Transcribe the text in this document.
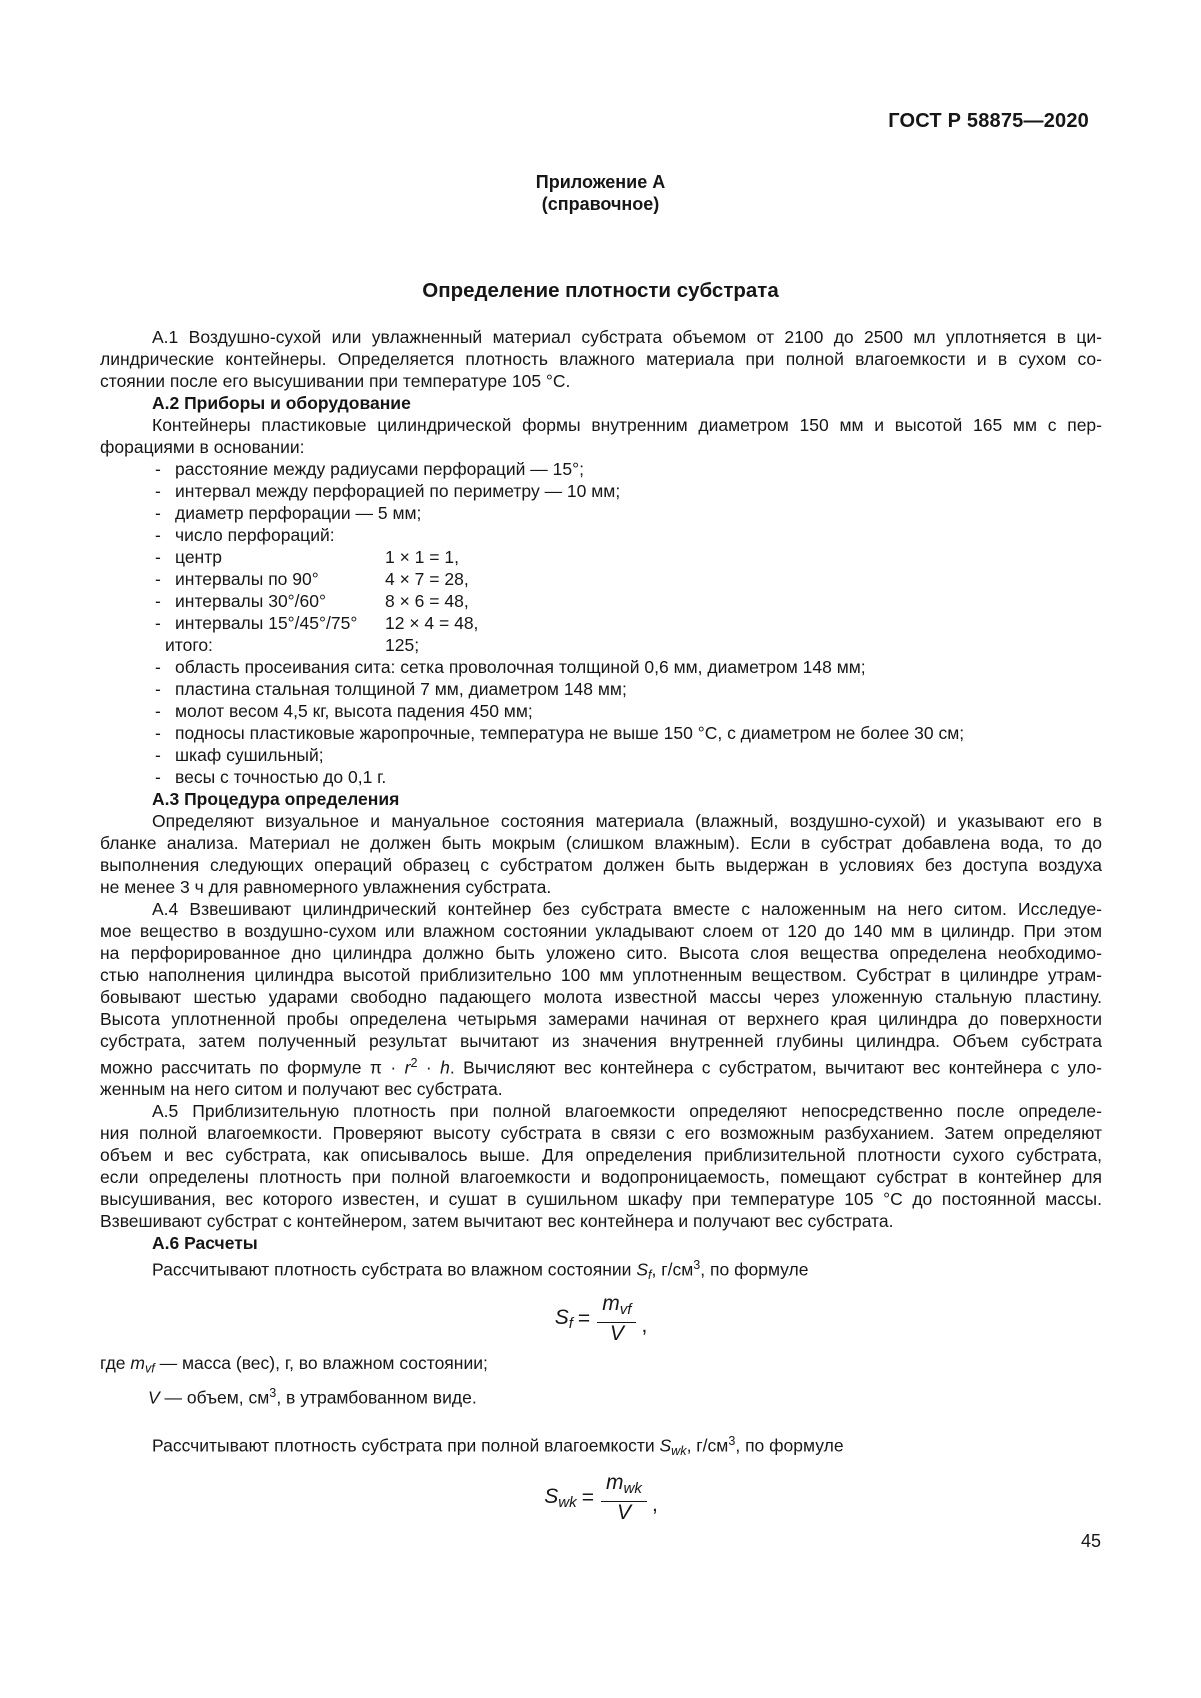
ГОСТ Р 58875—2020
Приложение А
(справочное)
Определение плотности субстрата
А.1 Воздушно-сухой или увлажненный материал субстрата объемом от 2100 до 2500 мл уплотняется в ци-
линдрические контейнеры. Определяется плотность влажного материала при полной влагоемкости и в сухом со-
стоянии после его высушивании при температуре 105 °С.
А.2 Приборы и оборудование
Контейнеры пластиковые цилиндрической формы внутренним диаметром 150 мм и высотой 165 мм с пер-
форациями в основании:
- расстояние между радиусами перфораций — 15°;
- интервал между перфорацией по периметру — 10 мм;
- диаметр перфорации — 5 мм;
- число перфораций:
- центр	1 × 1 = 1,
- интервалы по 90°	4 × 7 = 28,
- интервалы 30°/60°	8 × 6 = 48,
- интервалы 15°/45°/75° 12 × 4 = 48,
итого:	125;
- область просеивания сита: сетка проволочная толщиной 0,6 мм, диаметром 148 мм;
- пластина стальная толщиной 7 мм, диаметром 148 мм;
- молот весом 4,5 кг, высота падения 450 мм;
- подносы пластиковые жаропрочные, температура не выше 150 °С, с диаметром не более 30 см;
- шкаф сушильный;
- весы с точностью до 0,1 г.
А.3 Процедура определения
Определяют визуальное и мануальное состояния материала (влажный, воздушно-сухой) и указывают его в
бланке анализа. Материал не должен быть мокрым (слишком влажным). Если в субстрат добавлена вода, то до
выполнения следующих операций образец с субстратом должен быть выдержан в условиях без доступа воздуха
не менее 3 ч для равномерного увлажнения субстрата.
А.4 Взвешивают цилиндрический контейнер без субстрата вместе с наложенным на него ситом. Исследуе-
мое вещество в воздушно-сухом или влажном состоянии укладывают слоем от 120 до 140 мм в цилиндр. При этом
на перфорированное дно цилиндра должно быть уложено сито. Высота слоя вещества определена необходимо-
стью наполнения цилиндра высотой приблизительно 100 мм уплотненным веществом. Субстрат в цилиндре утрам-
бовывают шестью ударами свободно падающего молота известной массы через уложенную стальную пластину.
Высота уплотненной пробы определена четырьмя замерами начиная от верхнего края цилиндра до поверхности
субстрата, затем полученный результат вычитают из значения внутренней глубины цилиндра. Объем субстрата
можно рассчитать по формуле $\pi \cdot r^2 \cdot h$. Вычисляют вес контейнера с субстратом, вычитают вес контейнера с уло-
женным на него ситом и получают вес субстрата.
А.5 Приблизительную плотность при полной влагоемкости определяют непосредственно после определе-
ния полной влагоемкости. Проверяют высоту субстрата в связи с его возможным разбуханием. Затем определяют
объем и вес субстрата, как описывалось выше. Для определения приблизительной плотности сухого субстрата,
если определены плотность при полной влагоемкости и водопроницаемость, помещают субстрат в контейнер для
высушивания, вес которого известен, и сушат в сушильном шкафу при температуре 105 °С до постоянной массы.
Взвешивают субстрат с контейнером, затем вычитают вес контейнера и получают вес субстрата.
А.6 Расчеты
Рассчитывают плотность субстрата во влажном состоянии $S_f$, $г/см^3$, по формуле
$S_f = \frac{m_{vf}}{V}$ ,
где $m_{vf}$ — масса (вес), г, во влажном состоянии;
V — объем, $см^3$, в утрамбованном виде.
Рассчитывают плотность субстрата при полной влагоемкости $S_{wk}$, $г/см^3$, по формуле
$S_{wk} = \frac{m_{wk}}{V}$ ,
45
